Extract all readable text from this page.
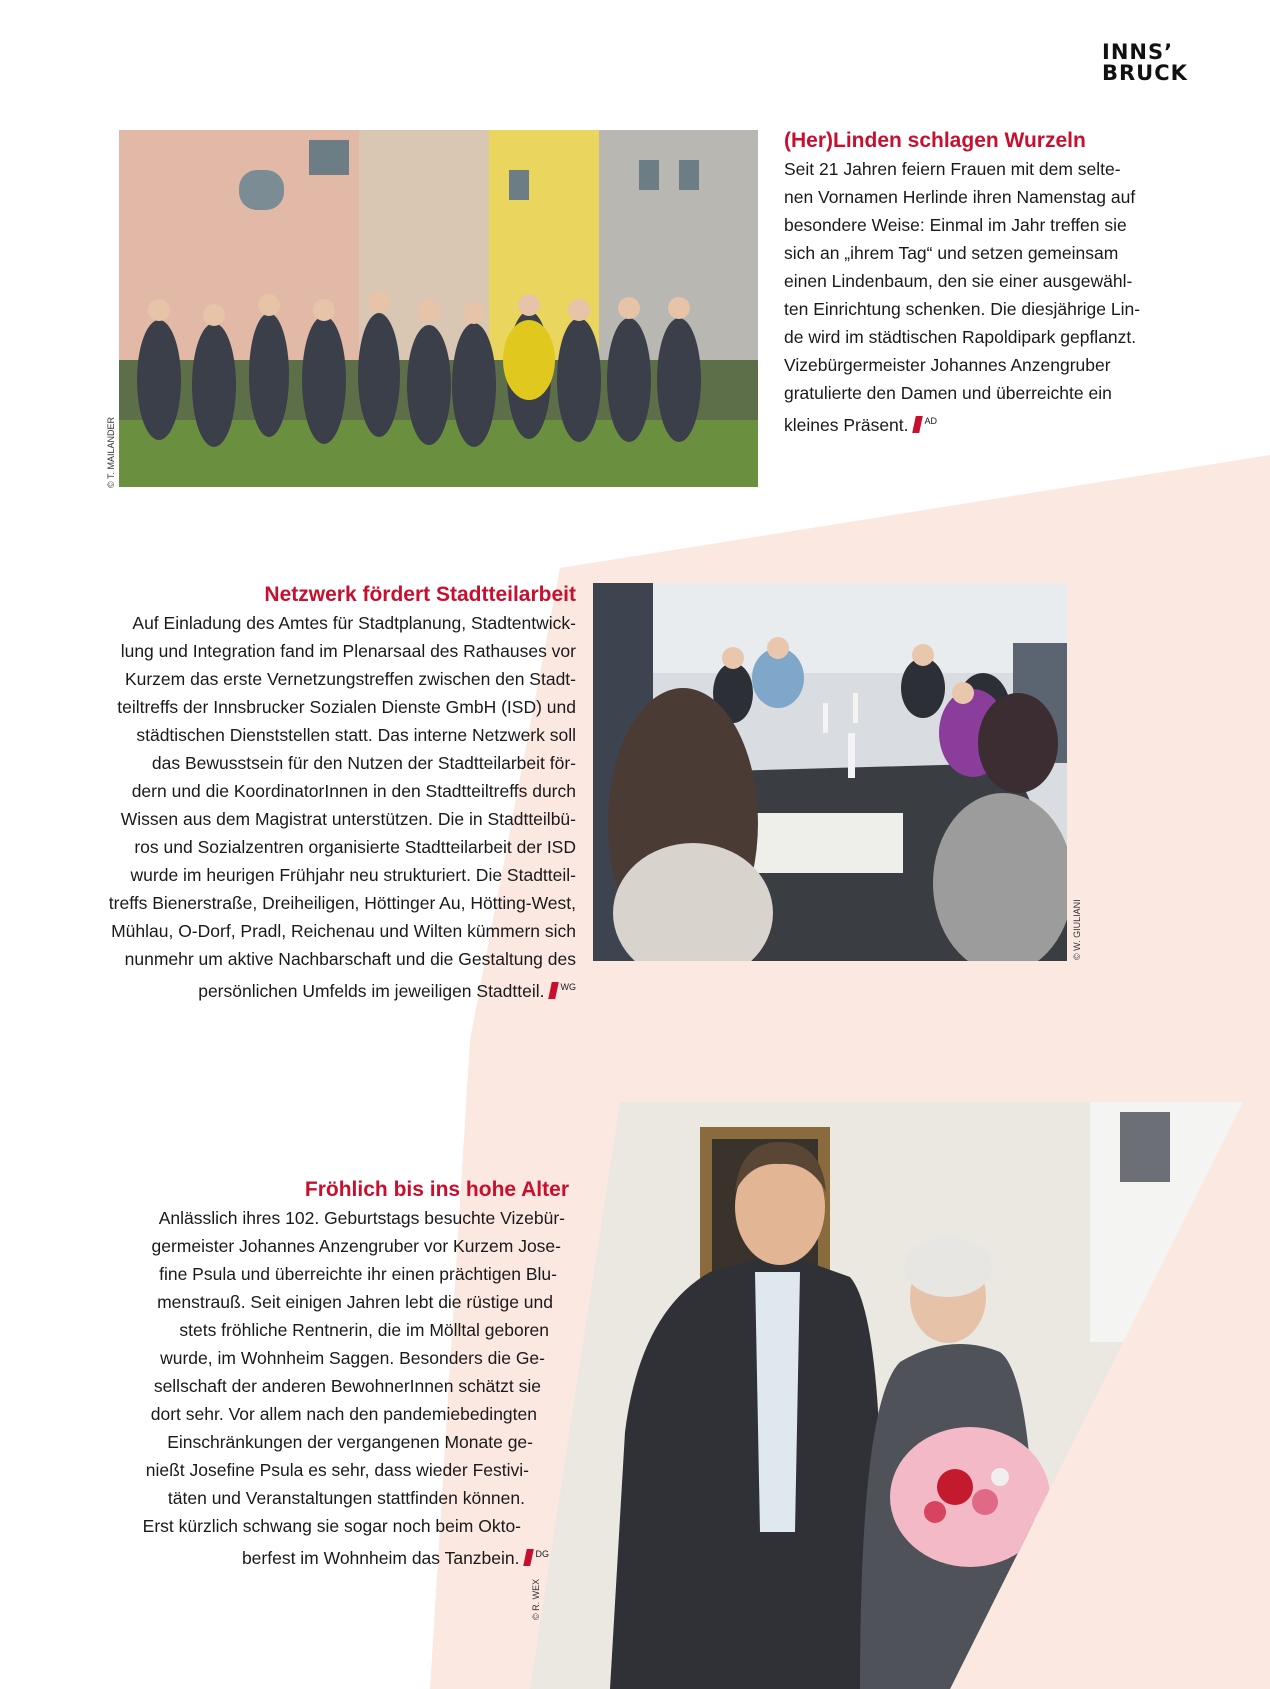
INNS’
BRUCK
© T. MAILANDER
(Her)Linden schlagen Wurzeln
Seit 21 Jahren feiern Frauen mit dem selte-
nen Vornamen Herlinde ihren Namenstag auf
besondere Weise: Einmal im Jahr treffen sie
sich an „ihrem Tag“ und setzen gemeinsam
einen Lindenbaum, den sie einer ausgewähl-
ten Einrichtung schenken. Die diesjährige Lin-
de wird im städtischen Rapoldipark gepflanzt.
Vizebürgermeister Johannes Anzengruber
gratulierte den Damen und überreichte ein
kleines Präsent. $^{AD}$
Netzwerk fördert Stadtteilarbeit
Auf Einladung des Amtes für Stadtplanung, Stadtentwick-
lung und Integration fand im Plenarsaal des Rathauses vor
Kurzem das erste Vernetzungstreffen zwischen den Stadt-
teiltreffs der Innsbrucker Sozialen Dienste GmbH (ISD) und
städtischen Dienststellen statt. Das interne Netzwerk soll
das Bewusstsein für den Nutzen der Stadtteilarbeit för-
dern und die KoordinatorInnen in den Stadtteiltreffs durch
Wissen aus dem Magistrat unterstützen. Die in Stadtteilbü-
ros und Sozialzentren organisierte Stadtteilarbeit der ISD
wurde im heurigen Frühjahr neu strukturiert. Die Stadtteil-
treffs Bienerstraße, Dreiheiligen, Höttinger Au, Hötting-West,
Mühlau, O-Dorf, Pradl, Reichenau und Wilten kümmern sich
nunmehr um aktive Nachbarschaft und die Gestaltung des
persönlichen Umfelds im jeweiligen Stadtteil. $^{WG}$
© W. GIULIANI
© R. WEX
Fröhlich bis ins hohe Alter
Anlässlich ihres 102. Geburtstags besuchte Vizebür-
germeister Johannes Anzengruber vor Kurzem Jose-
fine Psula und überreichte ihr einen prächtigen Blu-
menstrauß. Seit einigen Jahren lebt die rüstige und
stets fröhliche Rentnerin, die im Mölltal geboren
wurde, im Wohnheim Saggen. Besonders die Ge-
sellschaft der anderen BewohnerInnen schätzt sie
dort sehr. Vor allem nach den pandemiebedingten
Einschränkungen der vergangenen Monate ge-
nießt Josefine Psula es sehr, dass wieder Festivi-
täten und Veranstaltungen stattfinden können.
Erst kürzlich schwang sie sogar noch beim Okto-
berfest im Wohnheim das Tanzbein. $^{DG}$
